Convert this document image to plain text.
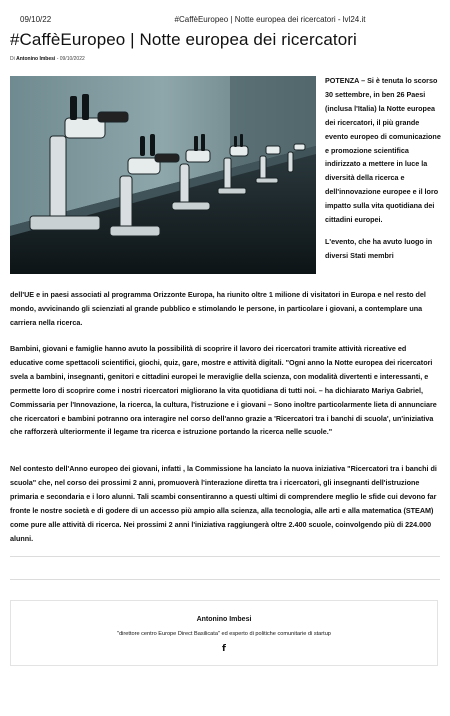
09/10/22	#CaffèEuropeo | Notte europea dei ricercatori - lvl24.it
#CaffèEuropeo | Notte europea dei ricercatori
Di Antonino Imbesi - 09/10/2022

POTENZA – Si è tenuta lo scorso 30 settembre, in ben 26 Paesi (inclusa l'Italia) la Notte europea dei ricercatori, il più grande evento europeo di comunicazione e promozione scientifica indirizzato a mettere in luce la diversità della ricerca e dell'innovazione europee e il loro impatto sulla vita quotidiana dei cittadini europei.

L'evento, che ha avuto luogo in diversi Stati membri

dell'UE e in paesi associati al programma Orizzonte Europa, ha riunito oltre 1 milione di visitatori in Europa e nel resto del mondo, avvicinando gli scienziati al grande pubblico e stimolando le persone, in particolare i giovani, a contemplare una carriera nella ricerca.

Bambini, giovani e famiglie hanno avuto la possibilità di scoprire il lavoro dei ricercatori tramite attività ricreative ed educative come spettacoli scientifici, giochi, quiz, gare, mostre e attività digitali. "Ogni anno la Notte europea dei ricercatori svela a bambini, insegnanti, genitori e cittadini europei le meraviglie della scienza, con modalità divertenti e interessanti, e permette loro di scoprire come i nostri ricercatori migliorano la vita quotidiana di tutti noi. – ha dichiarato Mariya Gabriel, Commissaria per l'Innovazione, la ricerca, la cultura, l'istruzione e i giovani – Sono inoltre particolarmente lieta di annunciare che ricercatori e bambini potranno ora interagire nel corso dell'anno grazie a 'Ricercatori tra i banchi di scuola', un'iniziativa che rafforzerà ulteriormente il legame tra ricerca e istruzione portando la ricerca nelle scuole."

Nel contesto dell'Anno europeo dei giovani, infatti , la Commissione ha lanciato la nuova iniziativa "Ricercatori tra i banchi di scuola" che, nel corso dei prossimi 2 anni, promuoverà l'interazione diretta tra i ricercatori, gli insegnanti dell'istruzione primaria e secondaria e i loro alunni. Tali scambi consentiranno a questi ultimi di comprendere meglio le sfide cui devono far fronte le nostre società e di godere di un accesso più ampio alla scienza, alla tecnologia, alle arti e alla matematica (STEAM) come pure alle attività di ricerca. Nei prossimi 2 anni l'iniziativa raggiungerà oltre 2.400 scuole, coinvolgendo più di 224.000 alunni.

Antonino Imbesi
"direttore centro Europe Direct Basilicata" ed esperto di politiche comunitarie di startup
f
